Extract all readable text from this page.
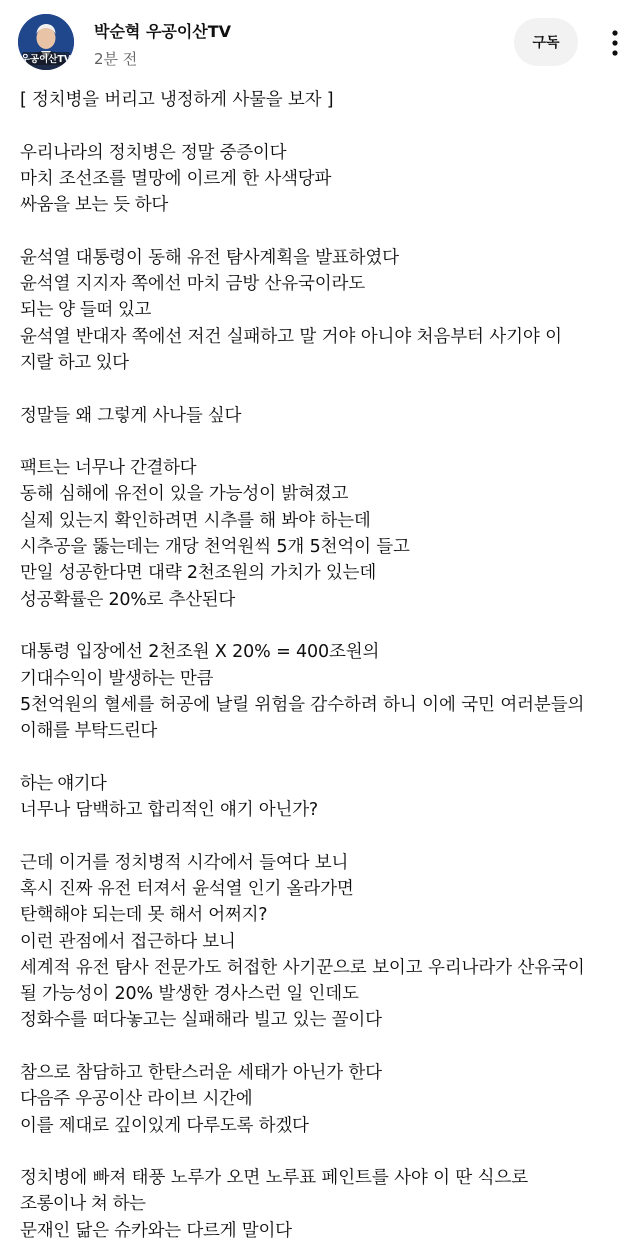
우공이산TV
박순혁 우공이산TV
2분 전
구독
[ 정치병을 버리고 냉정하게 사물을 보자 ]
우리나라의 정치병은 정말 중증이다
마치 조선조를 멸망에 이르게 한 사색당파
싸움을 보는 듯 하다
윤석열 대통령이 동해 유전 탐사계획을 발표하였다
윤석열 지지자 쪽에선 마치 금방 산유국이라도
되는 양 들떠 있고
윤석열 반대자 쪽에선 저건 실패하고 말 거야 아니야 처음부터 사기야 이
지랄 하고 있다
정말들 왜 그렇게 사나들 싶다
팩트는 너무나 간결하다
동해 심해에 유전이 있을 가능성이 밝혀졌고
실제 있는지 확인하려면 시추를 해 봐야 하는데
시추공을 뚫는데는 개당 천억원씩 5개 5천억이 들고
만일 성공한다면 대략 2천조원의 가치가 있는데
성공확률은 20%로 추산된다
대통령 입장에선 2천조원 X 20% = 400조원의
기대수익이 발생하는 만큼
5천억원의 혈세를 허공에 날릴 위험을 감수하려 하니 이에 국민 여러분들의
이해를 부탁드린다
하는 얘기다
너무나 담백하고 합리적인 얘기 아닌가?
근데 이거를 정치병적 시각에서 들여다 보니
혹시 진짜 유전 터져서 윤석열 인기 올라가면
탄핵해야 되는데 못 해서 어쩌지?
이런 관점에서 접근하다 보니
세계적 유전 탐사 전문가도 허접한 사기꾼으로 보이고 우리나라가 산유국이
될 가능성이 20% 발생한 경사스런 일 인데도
정화수를 떠다놓고는 실패해라 빌고 있는 꼴이다
참으로 참담하고 한탄스러운 세태가 아닌가 한다
다음주 우공이산 라이브 시간에
이를 제대로 깊이있게 다루도록 하겠다
정치병에 빠져 태풍 노루가 오면 노루표 페인트를 사야 이 딴 식으로
조롱이나 쳐 하는
문재인 닮은 슈카와는 다르게 말이다
